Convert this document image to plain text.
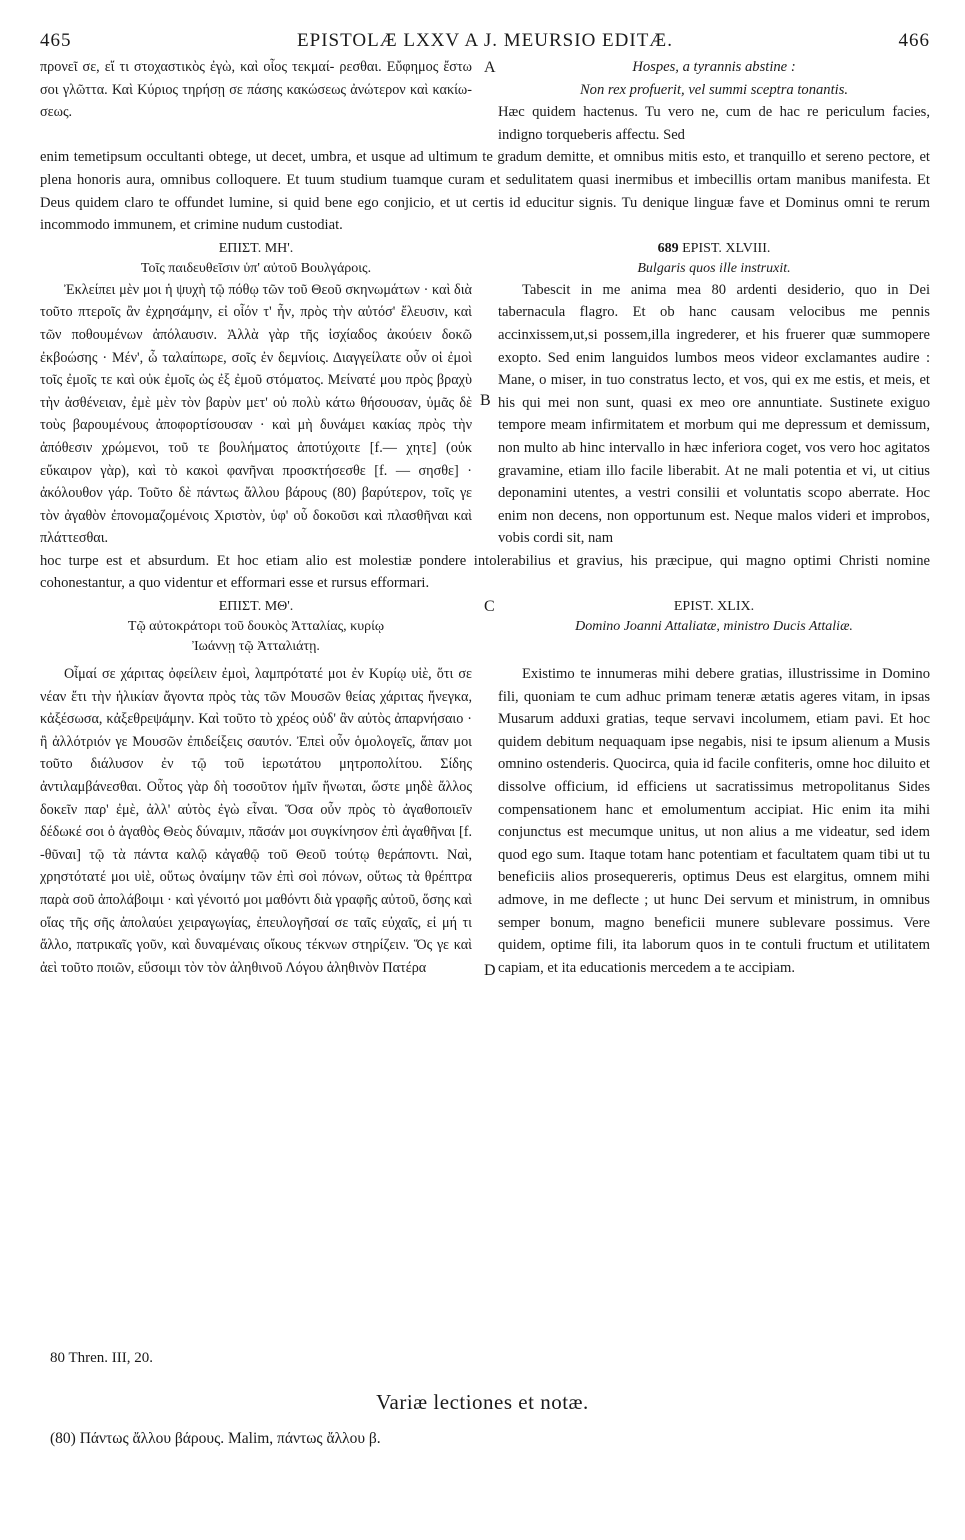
465	EPISTOLÆ LXXV A J. MEURSIO EDITÆ.	466
προνεῖ σε, εἴ τι στοχαστικὸς ἐγὼ, καὶ οἷος τεκμαί- ρεσθαι. Εὔφημος ἔστω σοι γλῶττα. Καὶ Κύριος τηρήσῃ σε πάσης κακώσεως ἀνώτερον καὶ κακίω- σεως.
Hospes, a tyrannis abstine :
Non rex profuerit, vel summi sceptra tonantis.
Hæc quidem hactenus. Tu vero ne, cum de hac re periculum facies, indigno torqueberis affectu. Sed
A
enim temetipsum occultanti obtege, ut decet, umbra, et usque ad ultimum te gradum demitte, et omnibus mitis esto, et tranquillo et sereno pectore, et plena honoris aura, omnibus colloquere. Et tuum studium tuamque curam et sedulitatem quasi inermibus et imbecillis ortam manibus manifesta. Et Deus quidem claro te offundet lumine, si quid bene ego conjicio, et ut certis id educitur signis. Tu denique linguæ fave et Dominus omni te rerum incommodo immunem, et crimine nudum custodiat.
ΕΠΙΣΤ. ΜΗ'.
Τοῖς παιδευθεῖσιν ὑπ' αὐτοῦ Βουλγάροις.
689 EPIST. XLVIII.
Bulgaris quos ille instruxit.
Ἐκλείπει μὲν μοι ἡ ψυχὴ τῷ πόθῳ τῶν τοῦ Θεοῦ σκηνωμάτων · καὶ διὰ τοῦτο πτεροῖς ἂν ἐχρησάμην, εἰ οἷόν τ' ἦν, πρὸς τὴν αὐτόσ' ἔλευσιν, καὶ τῶν ποθουμένων ἀπόλαυσιν. Ἀλλὰ γὰρ τῆς ἰσχίαδος ἀκούειν δοκῶ ἐκβοώσης · Μέν', ὦ ταλαίπωρε, σοῖς ἐν δεμνίοις. Διαγγείλατε οὖν οἱ ἐμοὶ τοῖς ἐμοῖς τε καὶ οὐκ ἐμοῖς ὡς ἐξ ἐμοῦ στόματος. Μείνατέ μου πρὸς βραχὺ τὴν ἀσθένειαν, ἐμὲ μὲν τὸν βαρὺν μετ' οὐ πολὺ κάτω θήσουσαν, ὑμᾶς δὲ τοὺς βαρουμένους ἀποφορτίσουσαν · καὶ μὴ δυνάμει κακίας πρὸς τὴν ἀπόθεσιν χρώμενοι, τοῦ τε βουλήματος ἀποτύχοιτε [f.— χητε] (οὐκ εὔκαιρον γὰρ), καὶ τὸ κακοὶ φανῆναι προσκτήσεσθε [f. — σησθε] · ἀκόλουθον γάρ. Τοῦτο δὲ πάντως ἄλλου βάρους (80) βαρύτερον, τοῖς γε τὸν ἀγαθὸν ἐπονομαζομένοις Χριστὸν, ὑφ' οὗ δοκοῦσι καὶ πλασθῆναι καὶ πλάττεσθαι.
Tabescit in me anima mea 80 ardenti desiderio, quo in Dei tabernacula flagro. Et ob hanc causam velocibus me pennis accinxissem,ut,si possem,illa ingrederer, et his fruerer quæ summopere exopto. Sed enim languidos lumbos meos videor exclamantes audire : Mane, o miser, in tuo constratus lecto, et vos, qui ex me estis, et meis, et his qui mei non sunt, quasi ex meo ore annuntiate. Sustinete exiguo tempore meam infirmitatem et morbum qui me depressum et demissum, non multo ab hinc intervallo in hæc inferiora coget, vos vero hoc agitatos gravamine, etiam illo facile liberabit. At ne mali potentia et vi, ut citius deponamini utentes, a vestri consilii et voluntatis scopo aberrate. Hoc enim non decens, non opportunum est. Neque malos videri et improbos, vobis cordi sit, nam
B
hoc turpe est et absurdum. Et hoc etiam alio est molestiæ pondere intolerabilius et gravius, his præcipue, qui magno optimi Christi nomine cohonestantur, a quo videntur et efformari esse et rursus efformari.
ΕΠΙΣΤ. ΜΘ'.
Τῷ αὐτοκράτορι τοῦ δουκὸς Ἀτταλίας, κυρίῳ
Ἰωάννῃ τῷ Ἀτταλιάτῃ.
EPIST. XLIX.
Domino Joanni Attaliatæ, ministro Ducis Attaliæ.
C
Οἶμαί σε χάριτας ὀφείλειν ἐμοὶ, λαμπρότατέ μοι ἐν Κυρίῳ υἱὲ, ὅτι σε νέαν ἔτι τὴν ἡλικίαν ἄγοντα πρὸς τὰς τῶν Μουσῶν θείας χάριτας ἤνεγκα, κἀξέσωσα, κἀξεθρεψάμην. Καὶ τοῦτο τὸ χρέος οὐδ' ἂν αὐτὸς ἀπαρνήσαιο · ἢ ἀλλότριόν γε Μουσῶν ἐπιδείξεις σαυτόν. Ἐπεὶ οὖν ὁμολογεῖς, ἅπαν μοι τοῦτο διάλυσον ἐν τῷ τοῦ ἱερωτάτου μητροπολίτου. Σίδης ἀντιλαμβάνεσθαι. Οὗτος γὰρ δὴ τοσοῦτον ἡμῖν ἥνωται, ὥστε μηδὲ ἄλλος δοκεῖν παρ' ἐμὲ, ἀλλ' αὐτὸς ἐγὼ εἶναι. Ὅσα οὖν πρὸς τὸ ἀγαθοποιεῖν δέδωκέ σοι ὁ ἀγαθὸς Θεὸς δύναμιν, πᾶσάν μοι συγκίνησον ἐπὶ ἀγαθῆναι [f. -θῦναι] τῷ τὰ πάντα καλῷ κἀγαθῷ τοῦ Θεοῦ τούτῳ θεράποντι. Ναὶ, χρηστότατέ μοι υἱὲ, οὕτως ὀναίμην τῶν ἐπὶ σοὶ πόνων, οὕτως τὰ θρέπτρα παρὰ σοῦ ἀπολάβοιμι · καὶ γένοιτό μοι μαθόντι διὰ γραφῆς αὐτοῦ, ὅσης καὶ οἵας τῆς σῆς ἀπολαύει χειραγωγίας, ἐπευλογῆσαί σε ταῖς εὐχαῖς, εἰ μή τι ἄλλο, πατρικαῖς γοῦν, καὶ δυναμέναις οἴκους τέκνων στηρίζειν. Ὅς γε καὶ ἀεὶ τοῦτο ποιῶν, εὔσοιμι τὸν τὸν ἀληθινοῦ Λόγου ἀληθινὸν Πατέρα
Existimo te innumeras mihi debere gratias, illustrissime in Domino fili, quoniam te cum adhuc primam teneræ ætatis ageres vitam, in ipsas Musarum adduxi gratias, teque servavi incolumem, etiam pavi. Et hoc quidem debitum nequaquam ipse negabis, nisi te ipsum alienum a Musis omnino ostenderis. Quocirca, quia id facile confiteris, omne hoc diluito et dissolve officium, id efficiens ut sacratissimus metropolitanus Sides compensationem hanc et emolumentum accipiat. Hic enim ita mihi conjunctus est mecumque unitus, ut non alius a me videatur, sed idem quod ego sum. Itaque totam hanc potentiam et facultatem quam tibi ut tu beneficiis alios prosequereris, optimus Deus est elargitus, omnem mihi admove, in me deflecte ; ut hunc Dei servum et ministrum, in omnibus semper bonum, magno beneficii munere sublevare possimus. Vere quidem, optime fili, ita laborum quos in te contuli fructum et utilitatem capiam, et ita educationis mercedem a te accipiam.
D
80 Thren. III, 20.
Variæ lectiones et notæ.
(80) Πάντως ἄλλου βάρους. Malim, πάντως ἄλλου β.
